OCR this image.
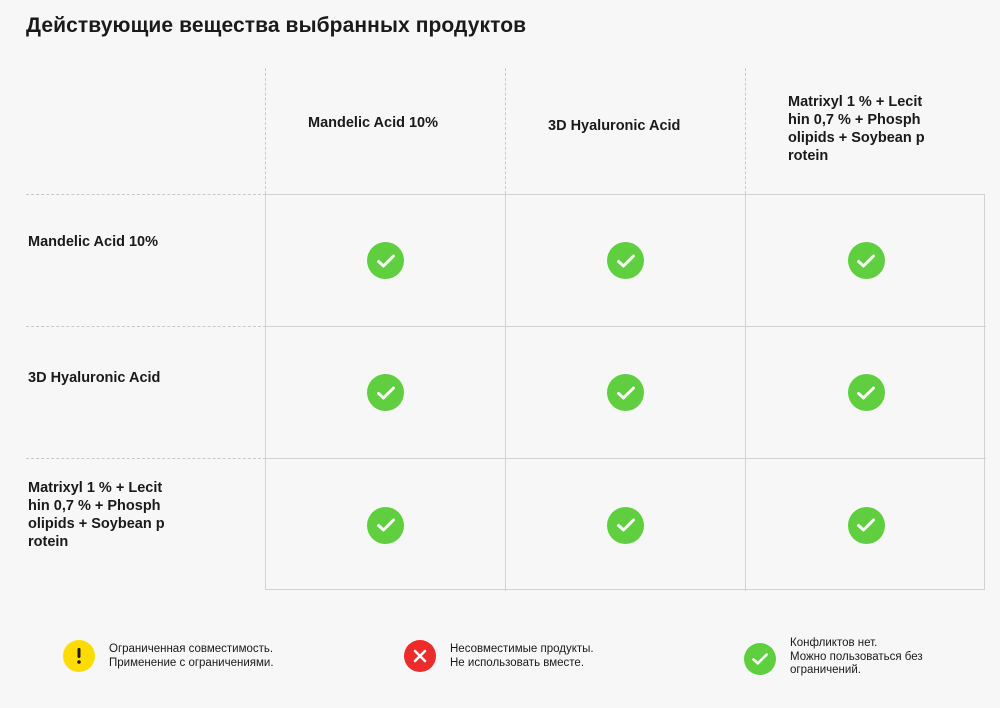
Действующие вещества выбранных продуктов
Mandelic Acid 10%	3D Hyaluronic Acid
Matrixyl 1 % + Lecit
hin 0,7 % + Phosph
olipids + Soybean p
rotein
Mandelic Acid 10%
3D Hyaluronic Acid
Matrixyl 1 % + Lecit
hin 0,7 % + Phosph
olipids + Soybean p
rotein
Ограниченная совместимость.
Применение с ограничениями.
Несовместимые продукты.
Не использовать вместе.
Конфликтов нет.
Можно пользоваться без
ограничений.
